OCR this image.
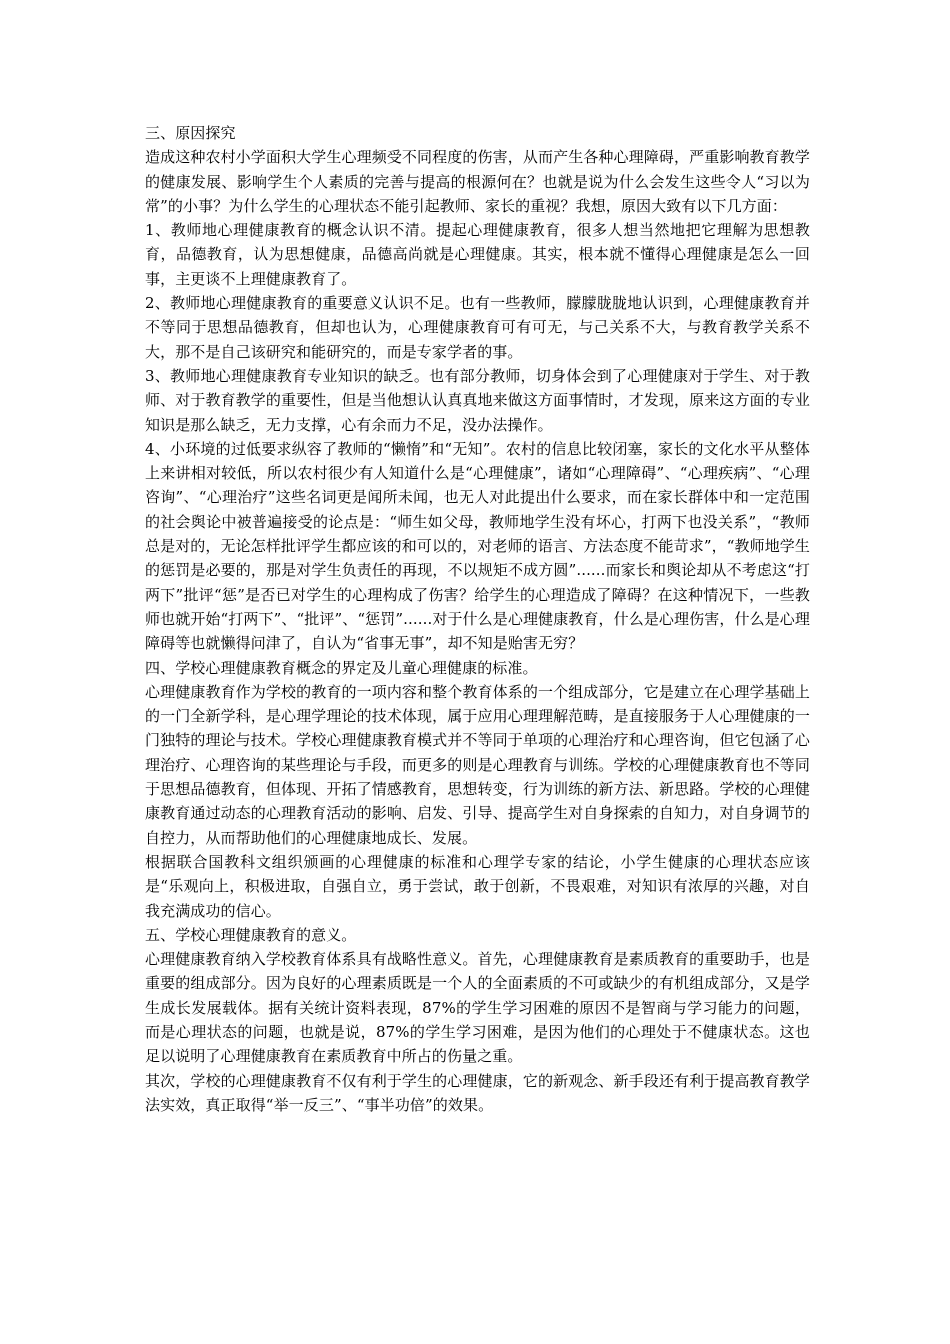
三、原因探究

造成这种农村小学面积大学生心理频受不同程度的伤害，从而产生各种心理障碍，严重影响教育教学的健康发展、影响学生个人素质的完善与提高的根源何在？也就是说为什么会发生这些令人“习以为常”的小事？为什么学生的心理状态不能引起教师、家长的重视？我想，原因大致有以下几方面：

1、教师地心理健康教育的概念认识不清。提起心理健康教育，很多人想当然地把它理解为思想教育，品德教育，认为思想健康，品德高尚就是心理健康。其实，根本就不懂得心理健康是怎么一回事，主更谈不上理健康教育了。

2、教师地心理健康教育的重要意义认识不足。也有一些教师，朦朦胧胧地认识到，心理健康教育并不等同于思想品德教育，但却也认为，心理健康教育可有可无，与己关系不大，与教育教学关系不大，那不是自己该研究和能研究的，而是专家学者的事。

3、教师地心理健康教育专业知识的缺乏。也有部分教师，切身体会到了心理健康对于学生、对于教师、对于教育教学的重要性，但是当他想认认真真地来做这方面事情时，才发现，原来这方面的专业知识是那么缺乏，无力支撑，心有余而力不足，没办法操作。

4、小环境的过低要求纵容了教师的“懒惰”和“无知”。农村的信息比较闭塞，家长的文化水平从整体上来讲相对较低，所以农村很少有人知道什么是“心理健康”，诸如“心理障碍”、“心理疾病”、“心理咨询”、“心理治疗”这些名词更是闻所未闻，也无人对此提出什么要求，而在家长群体中和一定范围的社会舆论中被普遍接受的论点是：“师生如父母，教师地学生没有坏心，打两下也没关系”，“教师总是对的，无论怎样批评学生都应该的和可以的，对老师的语言、方法态度不能苛求”，“教师地学生的惩罚是必要的，那是对学生负责任的再现，不以规矩不成方圆”......而家长和舆论却从不考虑这“打两下”批评“惩”是否已对学生的心理构成了伤害？给学生的心理造成了障碍？在这种情况下，一些教师也就开始“打两下”、“批评”、“惩罚”......对于什么是心理健康教育，什么是心理伤害，什么是心理障碍等也就懒得问津了，自认为“省事无事”，却不知是贻害无穷？

四、学校心理健康教育概念的界定及儿童心理健康的标准。

心理健康教育作为学校的教育的一项内容和整个教育体系的一个组成部分，它是建立在心理学基础上的一门全新学科，是心理学理论的技术体现，属于应用心理理解范畴，是直接服务于人心理健康的一门独特的理论与技术。学校心理健康教育模式并不等同于单项的心理治疗和心理咨询，但它包涵了心理治疗、心理咨询的某些理论与手段，而更多的则是心理教育与训练。学校的心理健康教育也不等同于思想品德教育，但体现、开拓了情感教育，思想转变，行为训练的新方法、新思路。学校的心理健康教育通过动态的心理教育活动的影响、启发、引导、提高学生对自身探索的自知力，对自身调节的自控力，从而帮助他们的心理健康地成长、发展。

根据联合国教科文组织颁画的心理健康的标准和心理学专家的结论，小学生健康的心理状态应该是“乐观向上，积极进取，自强自立，勇于尝试，敢于创新，不畏艰难，对知识有浓厚的兴趣，对自我充满成功的信心。

五、学校心理健康教育的意义。

心理健康教育纳入学校教育体系具有战略性意义。首先，心理健康教育是素质教育的重要助手，也是重要的组成部分。因为良好的心理素质既是一个人的全面素质的不可或缺少的有机组成部分，又是学生成长发展载体。据有关统计资料表现，87%的学生学习困难的原因不是智商与学习能力的问题，而是心理状态的问题，也就是说，87%的学生学习困难，是因为他们的心理处于不健康状态。这也足以说明了心理健康教育在素质教育中所占的伤量之重。

其次，学校的心理健康教育不仅有利于学生的心理健康，它的新观念、新手段还有利于提高教育教学法实效，真正取得“举一反三”、“事半功倍”的效果。
